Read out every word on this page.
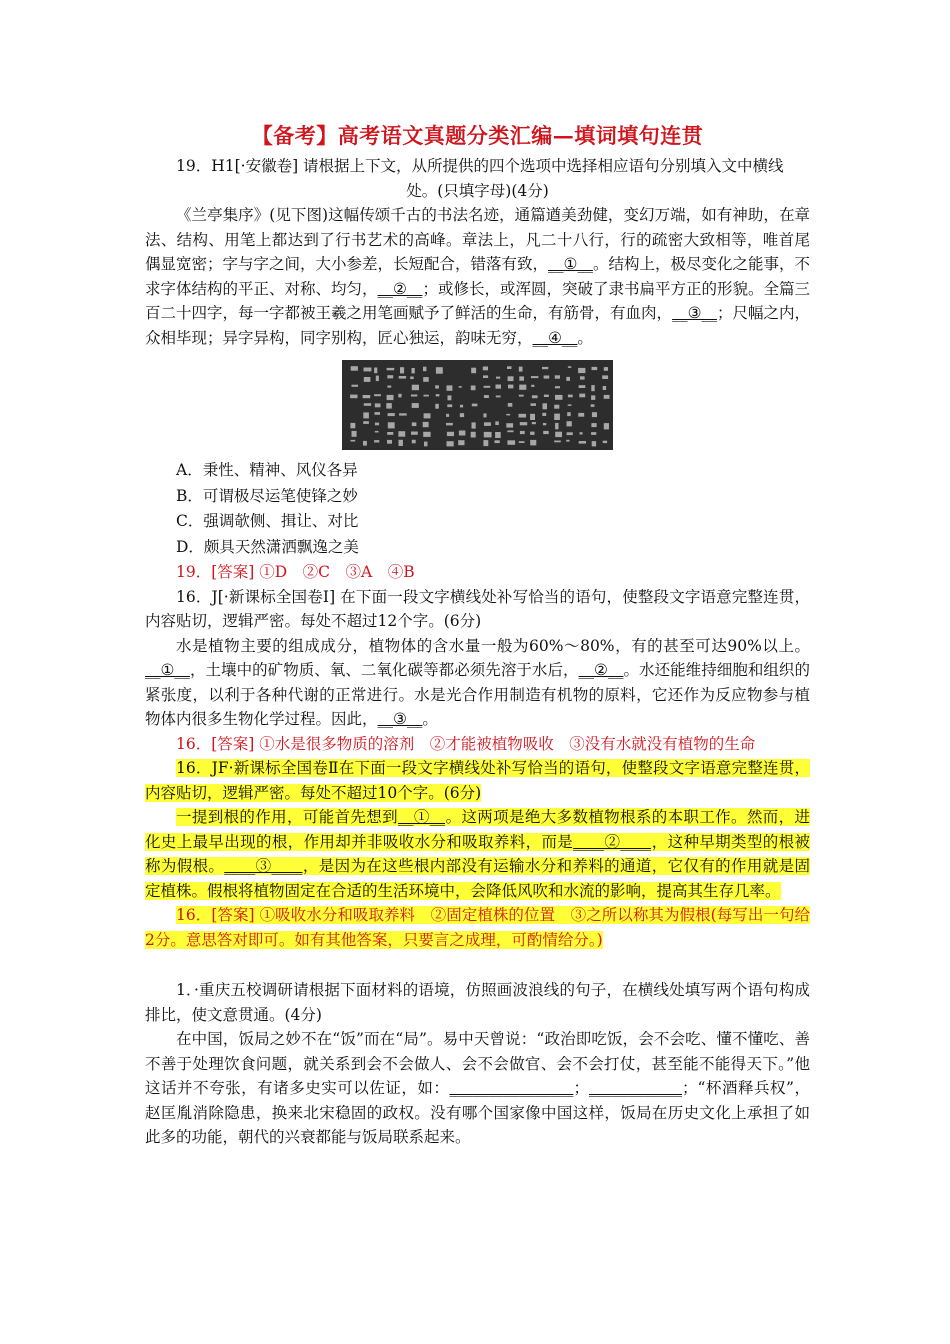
【备考】高考语文真题分类汇编—填词填句连贯

19．H1[·安徽卷] 请根据上下文，从所提供的四个选项中选择相应语句分别填入文中横线

处。(只填字母)(4分)

《兰亭集序》(见下图)这幅传颂千古的书法名迹，通篇遒美劲健，变幻万端，如有神助，在章法、结构、用笔上都达到了行书艺术的高峰。章法上，凡二十八行，行的疏密大致相等，唯首尾偶显宽密；字与字之间，大小参差，长短配合，错落有致，__①__。结构上，极尽变化之能事，不求字体结构的平正、对称、均匀，__②__；或修长，或浑圆，突破了隶书扁平方正的形貌。全篇三百二十四字，每一字都被王羲之用笔画赋予了鲜活的生命，有筋骨，有血肉，__③__；尺幅之内，众相毕现；异字异构，同字别构，匠心独运，韵味无穷，__④__。

A．秉性、精神、风仪各异

B．可谓极尽运笔使锋之妙

C．强调欹侧、揖让、对比

D．颇具天然潇洒飘逸之美

19．[答案] ①D　②C　③A　④B

16．J[·新课标全国卷Ⅰ] 在下面一段文字横线处补写恰当的语句，使整段文字语意完整连贯，内容贴切，逻辑严密。每处不超过12个字。(6分)

水是植物主要的组成成分，植物体的含水量一般为60%～80%，有的甚至可达90%以上。__①__，土壤中的矿物质、氧、二氧化碳等都必须先溶于水后，__②__。水还能维持细胞和组织的紧张度，以利于各种代谢的正常进行。水是光合作用制造有机物的原料，它还作为反应物参与植物体内很多生物化学过程。因此，__③__。

16．[答案] ①水是很多物质的溶剂　②才能被植物吸收　③没有水就没有植物的生命

16．JF·新课标全国卷Ⅱ在下面一段文字横线处补写恰当的语句，使整段文字语意完整连贯，内容贴切，逻辑严密。每处不超过10个字。(6分)

一提到根的作用，可能首先想到__①__。这两项是绝大多数植物根系的本职工作。然而，进化史上最早出现的根，作用却并非吸收水分和吸取养料，而是____②____，这种早期类型的根被称为假根。____③____，是因为在这些根内部没有运输水分和养料的通道，它仅有的作用就是固定植株。假根将植物固定在合适的生活环境中，会降低风吹和水流的影响，提高其生存几率。

16．[答案] ①吸收水分和吸取养料　②固定植株的位置　③之所以称其为假根(每写出一句给2分。意思答对即可。如有其他答案，只要言之成理，可酌情给分。)

1．·重庆五校调研请根据下面材料的语境，仿照画波浪线的句子，在横线处填写两个语句构成排比，使文意贯通。(4分)

在中国，饭局之妙不在“饭”而在“局”。易中天曾说：“政治即吃饭，会不会吃、懂不懂吃、善不善于处理饮食问题，就关系到会不会做人、会不会做官、会不会打仗，甚至能不能得天下。”他这话并不夸张，有诸多史实可以佐证，如：________________；____________；“杯酒释兵权”，赵匡胤消除隐患，换来北宋稳固的政权。没有哪个国家像中国这样，饭局在历史文化上承担了如此多的功能，朝代的兴衰都能与饭局联系起来。
